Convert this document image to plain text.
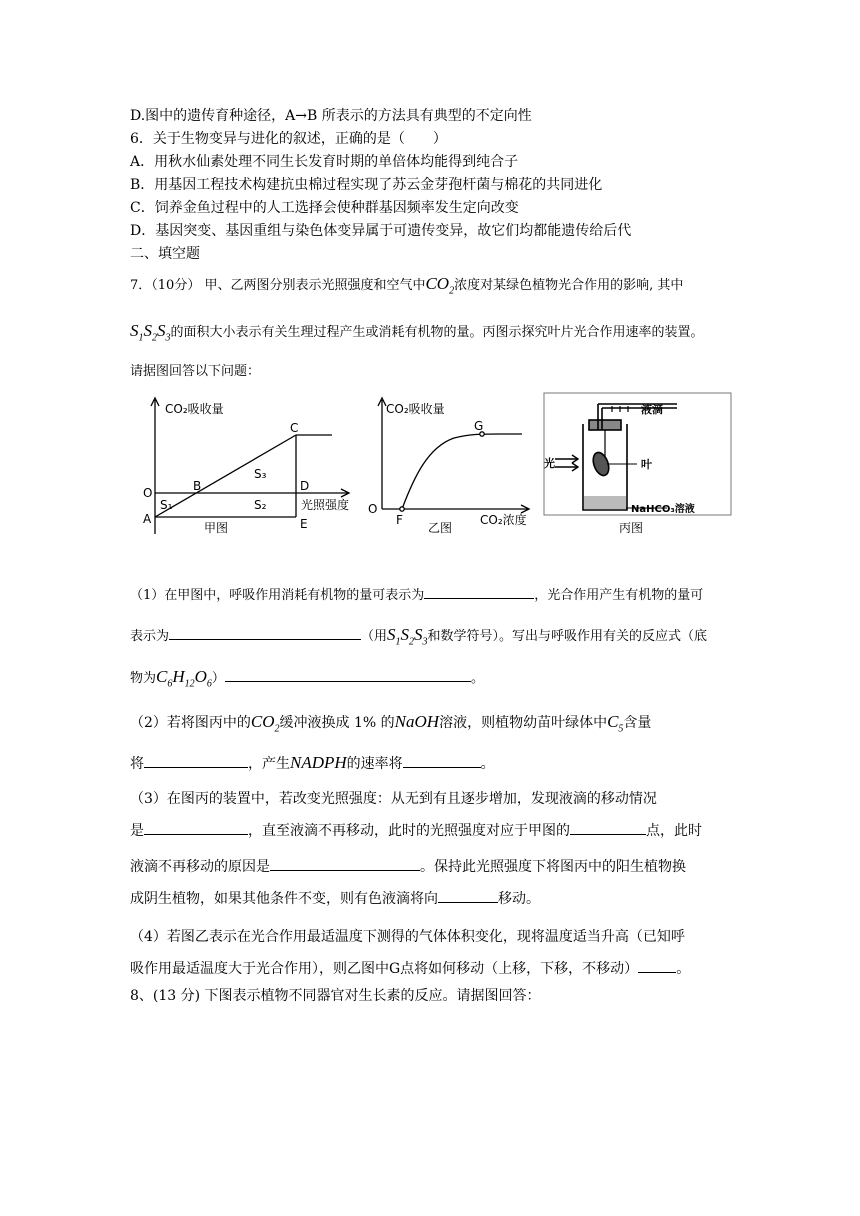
D.图中的遗传育种途径，A→B 所表示的方法具有典型的不定向性
6．关于生物变异与进化的叙述，正确的是（　　）
A．用秋水仙素处理不同生长发育时期的单倍体均能得到纯合子
B．用基因工程技术构建抗虫棉过程实现了苏云金芽孢杆菌与棉花的共同进化
C．饲养金鱼过程中的人工选择会使种群基因频率发生定向改变
D．基因突变、基因重组与染色体变异属于可遗传变异，故它们均都能遗传给后代
二、填空题
7．（10分） 甲、乙两图分别表示光照强度和空气中$CO_2$浓度对某绿色植物光合作用的影响, 其中
$S_1S_2S_3$的面积大小表示有关生理过程产生或消耗有机物的量。丙图示探究叶片光合作用速率的装置。
请据图回答以下问题：
CO₂吸收量
A
B
C
D
E
O
S₁	S₂
S₃
光照强度
甲图
CO₂吸收量
G
F
O
乙图
CO₂浓度
液滴
叶
光
NaHCO₃溶液
丙图
（1）在甲图中，呼吸作用消耗有机物的量可表示为	，光合作用产生有机物的量可
表示为	（用$S_1S_2S_3$和数学符号）。写出与呼吸作用有关的反应式（底
物为$C_6H_{12}O_6$）	。
（2）若将图丙中的$CO_2$缓冲液换成 1% 的NaOH溶液，则植物幼苗叶绿体中$C_5$含量
将	，产生NADPH的速率将	。
（3）在图丙的装置中，若改变光照强度：从无到有且逐步增加，发现液滴的移动情况
是	，直至液滴不再移动，此时的光照强度对应于甲图的	点，此时
液滴不再移动的原因是	。保持此光照强度下将图丙中的阳生植物换
成阴生植物，如果其他条件不变，则有色液滴将向	移动。
（4）若图乙表示在光合作用最适温度下测得的气体体积变化，现将温度适当升高（已知呼
吸作用最适温度大于光合作用），则乙图中G点将如何移动（上移，下移，不移动）	。
8、(13 分) 下图表示植物不同器官对生长素的反应。请据图回答：
